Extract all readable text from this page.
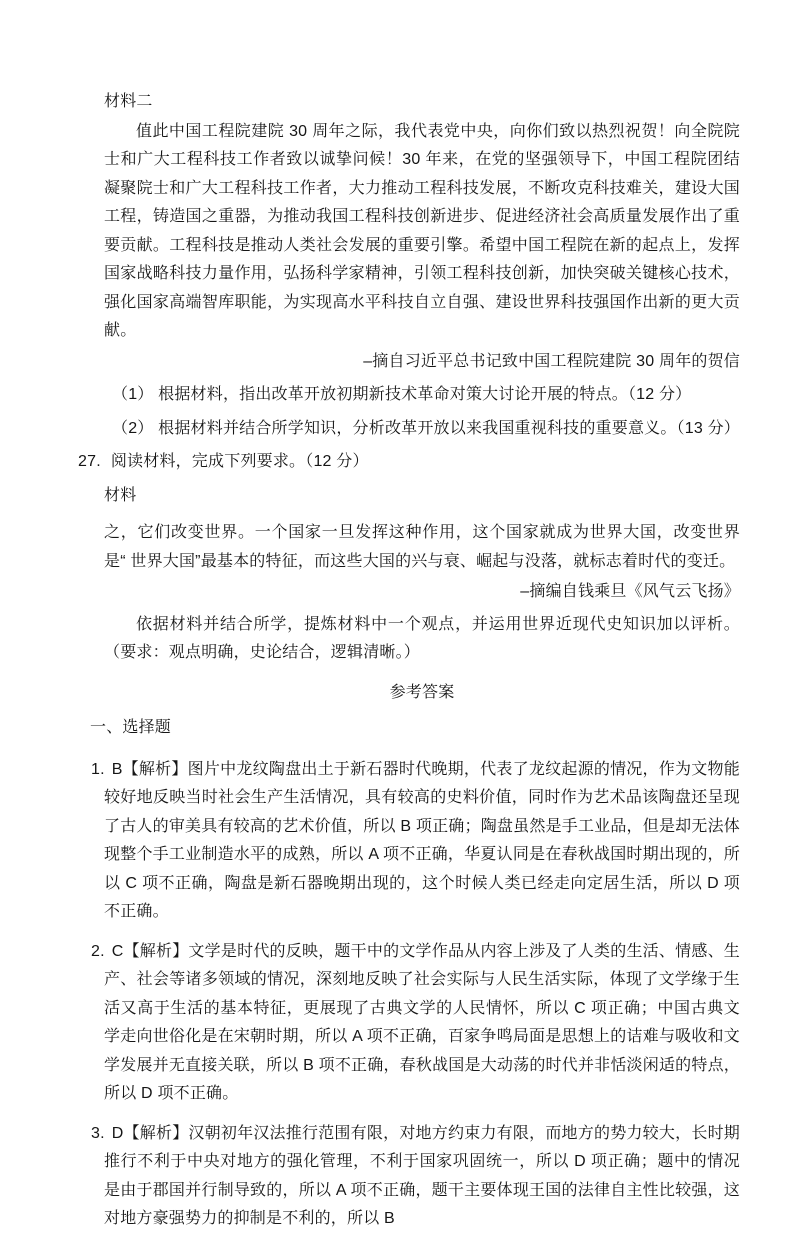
材料二
值此中国工程院建院 30 周年之际，我代表党中央，向你们致以热烈祝贺！向全院院士和广大工程科技工作者致以诚挚问候！30 年来，在党的坚强领导下，中国工程院团结凝聚院士和广大工程科技工作者，大力推动工程科技发展，不断攻克科技难关，建设大国工程，铸造国之重器，为推动我国工程科技创新进步、促进经济社会高质量发展作出了重要贡献。工程科技是推动人类社会发展的重要引擎。希望中国工程院在新的起点上，发挥国家战略科技力量作用，弘扬科学家精神，引领工程科技创新，加快突破关键核心技术，强化国家高端智库职能，为实现高水平科技自立自强、建设世界科技强国作出新的更大贡献。
–摘自习近平总书记致中国工程院建院 30 周年的贺信
（1） 根据材料，指出改革开放初期新技术革命对策大讨论开展的特点。（12 分）
（2） 根据材料并结合所学知识，分析改革开放以来我国重视科技的重要意义。（13 分）
27. 阅读材料，完成下列要求。（12 分）
材料
之，它们改变世界。一个国家一旦发挥这种作用，这个国家就成为世界大国，改变世界是“ 世界大国”最基本的特征，而这些大国的兴与衰、崛起与没落，就标志着时代的变迁。
–摘编自钱乘旦《风气云飞扬》
依据材料并结合所学，提炼材料中一个观点，并运用世界近现代史知识加以评析。（要求：观点明确，史论结合，逻辑清晰。）
参考答案
一、选择题
1. B【解析】图片中龙纹陶盘出土于新石器时代晚期，代表了龙纹起源的情况，作为文物能较好地反映当时社会生产生活情况，具有较高的史料价值，同时作为艺术品该陶盘还呈现了古人的审美具有较高的艺术价值，所以 B 项正确；陶盘虽然是手工业品，但是却无法体现整个手工业制造水平的成熟，所以 A 项不正确，华夏认同是在春秋战国时期出现的，所以 C 项不正确，陶盘是新石器晚期出现的，这个时候人类已经走向定居生活，所以 D 项不正确。
2. C【解析】文学是时代的反映，题干中的文学作品从内容上涉及了人类的生活、情感、生产、社会等诸多领域的情况，深刻地反映了社会实际与人民生活实际，体现了文学缘于生活又高于生活的基本特征，更展现了古典文学的人民情怀，所以 C 项正确；中国古典文学走向世俗化是在宋朝时期，所以 A 项不正确，百家争鸣局面是思想上的诘难与吸收和文学发展并无直接关联，所以 B 项不正确，春秋战国是大动荡的时代并非恬淡闲适的特点，所以 D 项不正确。
3. D【解析】汉朝初年汉法推行范围有限，对地方约束力有限，而地方的势力较大，长时期推行不利于中央对地方的强化管理，不利于国家巩固统一，所以 D 项正确；题中的情况是由于郡国并行制导致的，所以 A 项不正确，题干主要体现王国的法律自主性比较强，这对地方豪强势力的抑制是不利的，所以 B
